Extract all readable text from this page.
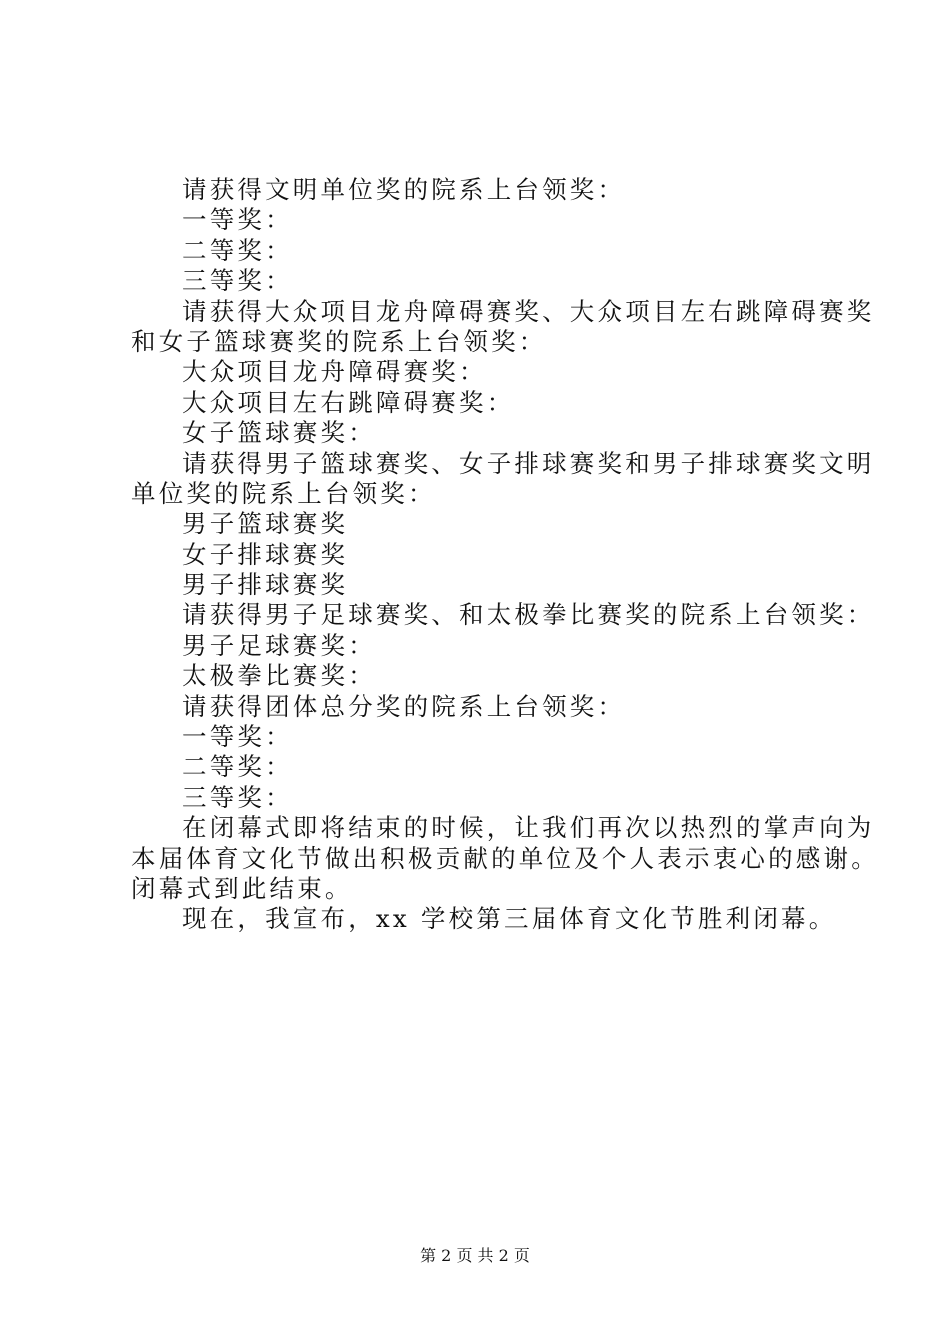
请获得文明单位奖的院系上台领奖：
一等奖：
二等奖：
三等奖：
请获得大众项目龙舟障碍赛奖、大众项目左右跳障碍赛奖
和女子篮球赛奖的院系上台领奖：
大众项目龙舟障碍赛奖：
大众项目左右跳障碍赛奖：
女子篮球赛奖：
请获得男子篮球赛奖、女子排球赛奖和男子排球赛奖文明
单位奖的院系上台领奖：
男子篮球赛奖
女子排球赛奖
男子排球赛奖
请获得男子足球赛奖、和太极拳比赛奖的院系上台领奖：
男子足球赛奖：
太极拳比赛奖：
请获得团体总分奖的院系上台领奖：
一等奖：
二等奖：
三等奖：
在闭幕式即将结束的时候，让我们再次以热烈的掌声向为
本届体育文化节做出积极贡献的单位及个人表示衷心的感谢。
闭幕式到此结束。
现在，我宣布，xx 学校第三届体育文化节胜利闭幕。
第 2 页 共 2 页
